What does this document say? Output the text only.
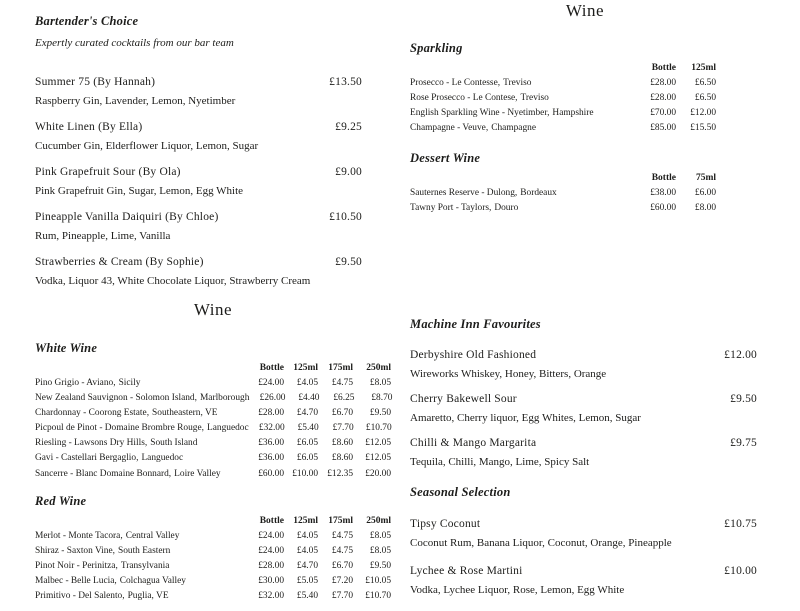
Bartender's Choice
Expertly curated cocktails from our bar team
Summer 75 (By Hannah)	£13.50
Raspberry Gin, Lavender, Lemon, Nyetimber
White Linen (By Ella)	£9.25
Cucumber Gin, Elderflower Liquor, Lemon, Sugar
Pink Grapefruit Sour (By Ola)	£9.00
Pink Grapefruit Gin, Sugar, Lemon, Egg White
Pineapple Vanilla Daiquiri (By Chloe)	£10.50
Rum, Pineapple, Lime, Vanilla
Strawberries & Cream (By Sophie)	£9.50
Vodka, Liquor 43, White Chocolate Liquor, Strawberry Cream
Wine
White Wine
Bottle 125ml	175ml	250ml
Pino Grigio - Aviano, Sicily	£24.00	£4.05	£4.75	£8.05
New Zealand Sauvignon - Solomon Island, Marlborough	£26.00	£4.40	£6.25	£8.70
Chardonnay - Coorong Estate, Southeastern, VE	£28.00	£4.70	£6.70	£9.50
Picpoul de Pinot - Domaine Brombre Rouge, Languedoc	£32.00	£5.40	£7.70	£10.70
Riesling - Lawsons Dry Hills, South Island	£36.00	£6.05	£8.60	£12.05
Gavi - Castellari Bergaglio, Languedoc	£36.00	£6.05	£8.60	£12.05
Sancerre - Blanc Domaine Bonnard, Loire Valley	£60.00 £10.00 £12.35	£20.00
Red Wine
Bottle 125ml	175ml	250ml
Merlot - Monte Tacora, Central Valley	£24.00	£4.05	£4.75	£8.05
Shiraz - Saxton Vine, South Eastern	£24.00	£4.05	£4.75	£8.05
Pinot Noir - Perinitza, Transylvania	£28.00	£4.70	£6.70	£9.50
Malbec - Belle Lucia, Colchagua Valley	£30.00	£5.05	£7.20	£10.05
Primitivo - Del Salento, Puglia, VE	£32.00	£5.40	£7.70	£10.70
Wine
Sparkling
Bottle	125ml
Prosecco - Le Contesse, Treviso	£28.00	£6.50
Rose Prosecco - Le Contese, Treviso	£28.00	£6.50
English Sparkling Wine - Nyetimber, Hampshire	£70.00	£12.00
Champagne - Veuve, Champagne	£85.00	£15.50
Dessert Wine
Bottle	75ml
Sauternes Reserve - Dulong, Bordeaux	£38.00	£6.00
Tawny Port - Taylors, Douro	£60.00	£8.00
Machine Inn Favourites
Derbyshire Old Fashioned	£12.00
Wireworks Whiskey, Honey, Bitters, Orange
Cherry Bakewell Sour	£9.50
Amaretto, Cherry liquor, Egg Whites, Lemon, Sugar
Chilli & Mango Margarita	£9.75
Tequila, Chilli, Mango, Lime, Spicy Salt
Seasonal Selection
Tipsy Coconut	£10.75
Coconut Rum, Banana Liquor, Coconut, Orange, Pineapple
Lychee & Rose Martini	£10.00
Vodka, Lychee Liquor, Rose, Lemon, Egg White
